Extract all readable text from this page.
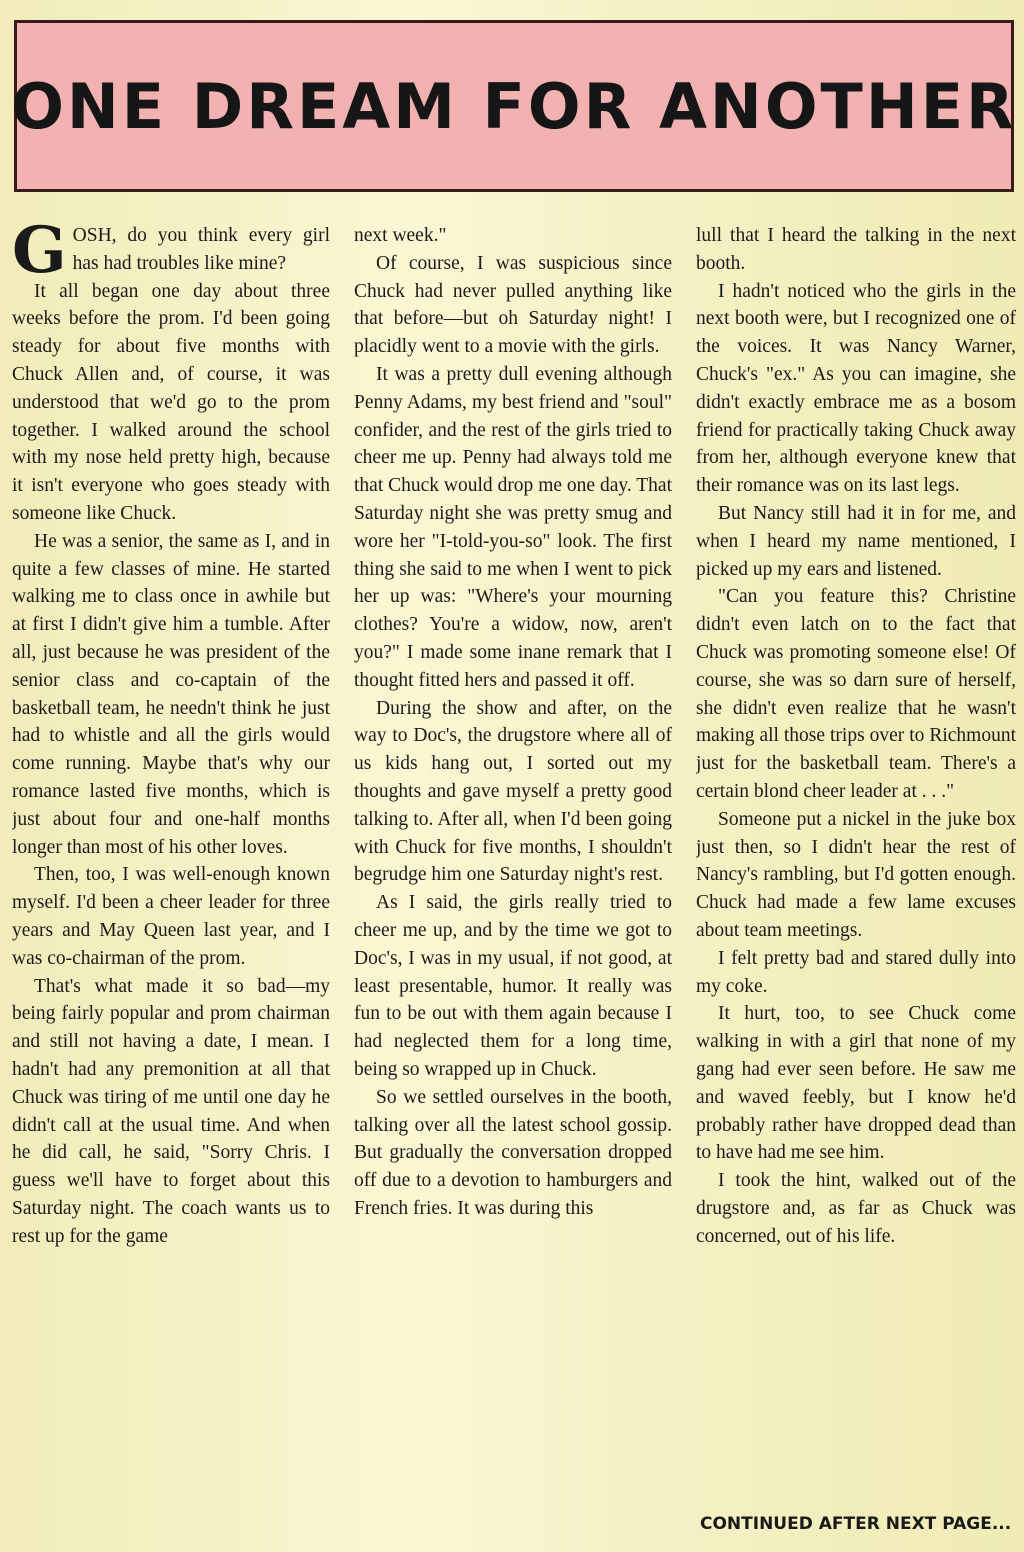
ONE DREAM FOR ANOTHER

GOSH, do you think every girl has had troubles like mine?

It all began one day about three weeks before the prom. I'd been going steady for about five months with Chuck Allen and, of course, it was understood that we'd go to the prom together. I walked around the school with my nose held pretty high, because it isn't everyone who goes steady with someone like Chuck.

He was a senior, the same as I, and in quite a few classes of mine. He started walking me to class once in awhile but at first I didn't give him a tumble. After all, just because he was president of the senior class and co-captain of the basketball team, he needn't think he just had to whistle and all the girls would come running. Maybe that's why our romance lasted five months, which is just about four and one-half months longer than most of his other loves.

Then, too, I was well-enough known myself. I'd been a cheer leader for three years and May Queen last year, and I was co-chairman of the prom.

That's what made it so bad—my being fairly popular and prom chairman and still not having a date, I mean. I hadn't had any premonition at all that Chuck was tiring of me until one day he didn't call at the usual time. And when he did call, he said, "Sorry Chris. I guess we'll have to forget about this Saturday night. The coach wants us to rest up for the game

next week."

Of course, I was suspicious since Chuck had never pulled anything like that before—but oh Saturday night! I placidly went to a movie with the girls.

It was a pretty dull evening although Penny Adams, my best friend and "soul" confider, and the rest of the girls tried to cheer me up. Penny had always told me that Chuck would drop me one day. That Saturday night she was pretty smug and wore her "I-told-you-so" look. The first thing she said to me when I went to pick her up was: "Where's your mourning clothes? You're a widow, now, aren't you?" I made some inane remark that I thought fitted hers and passed it off.

During the show and after, on the way to Doc's, the drugstore where all of us kids hang out, I sorted out my thoughts and gave myself a pretty good talking to. After all, when I'd been going with Chuck for five months, I shouldn't begrudge him one Saturday night's rest.

As I said, the girls really tried to cheer me up, and by the time we got to Doc's, I was in my usual, if not good, at least presentable, humor. It really was fun to be out with them again because I had neglected them for a long time, being so wrapped up in Chuck.

So we settled ourselves in the booth, talking over all the latest school gossip. But gradually the conversation dropped off due to a devotion to hamburgers and French fries. It was during this

lull that I heard the talking in the next booth.

I hadn't noticed who the girls in the next booth were, but I recognized one of the voices. It was Nancy Warner, Chuck's "ex." As you can imagine, she didn't exactly embrace me as a bosom friend for practically taking Chuck away from her, although everyone knew that their romance was on its last legs.

But Nancy still had it in for me, and when I heard my name mentioned, I picked up my ears and listened.

"Can you feature this? Christine didn't even latch on to the fact that Chuck was promoting someone else! Of course, she was so darn sure of herself, she didn't even realize that he wasn't making all those trips over to Richmount just for the basketball team. There's a certain blond cheer leader at . . ."

Someone put a nickel in the juke box just then, so I didn't hear the rest of Nancy's rambling, but I'd gotten enough. Chuck had made a few lame excuses about team meetings.

I felt pretty bad and stared dully into my coke.

It hurt, too, to see Chuck come walking in with a girl that none of my gang had ever seen before. He saw me and waved feebly, but I know he'd probably rather have dropped dead than to have had me see him.

I took the hint, walked out of the drugstore and, as far as Chuck was concerned, out of his life.

CONTINUED AFTER NEXT PAGE...
